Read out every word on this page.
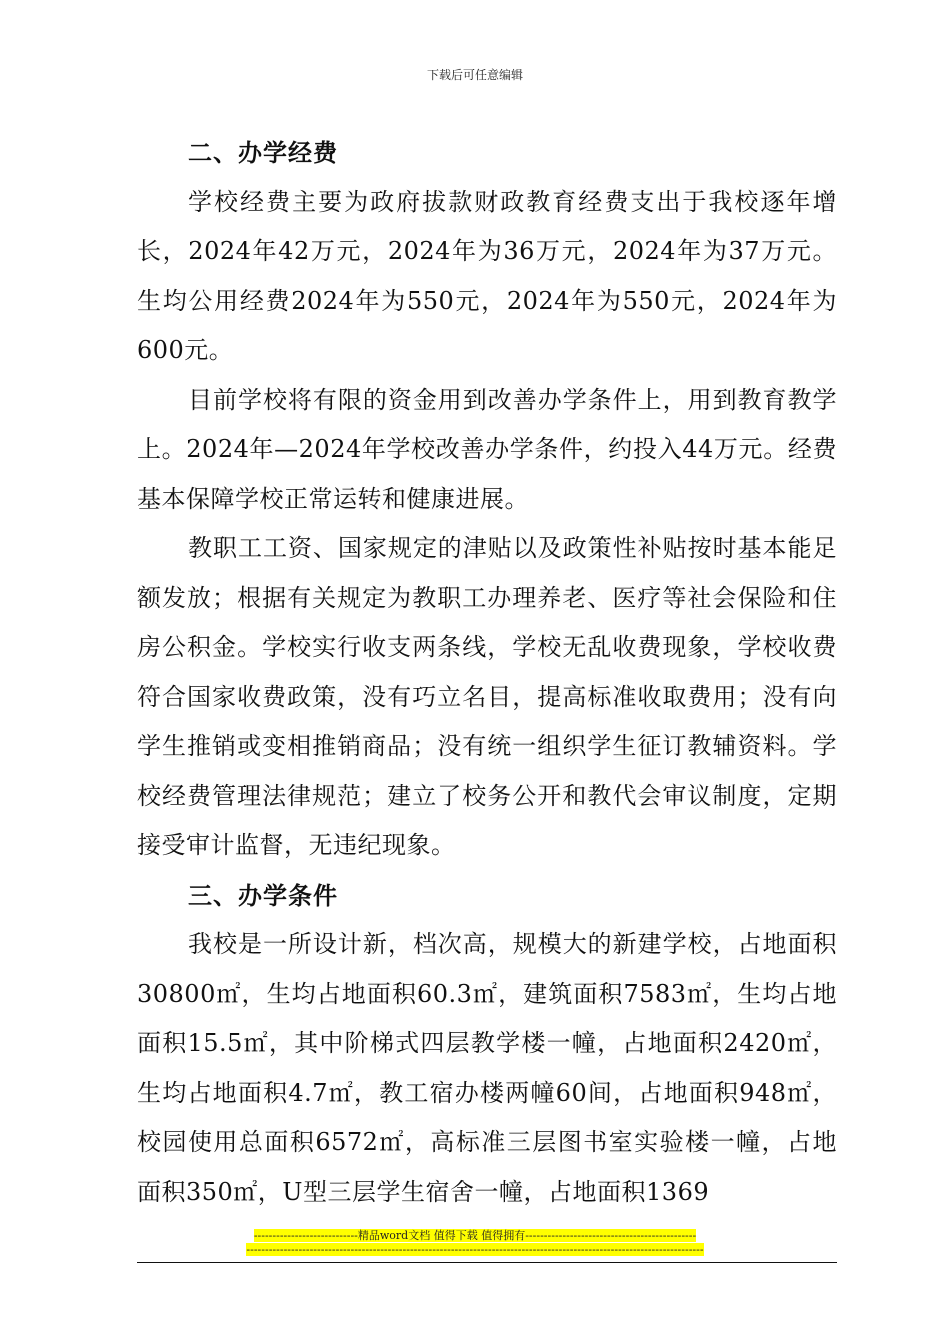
下载后可任意编辑

二、办学经费

学校经费主要为政府拔款财政教育经费支出于我校逐年增长，2024年42万元，2024年为36万元，2024年为37万元。生均公用经费2024年为550元，2024年为550元，2024年为600元。

目前学校将有限的资金用到改善办学条件上，用到教育教学上。2024年—2024年学校改善办学条件，约投入44万元。经费基本保障学校正常运转和健康进展。

教职工工资、国家规定的津贴以及政策性补贴按时基本能足额发放；根据有关规定为教职工办理养老、医疗等社会保险和住房公积金。学校实行收支两条线，学校无乱收费现象，学校收费符合国家收费政策，没有巧立名目，提高标准收取费用；没有向学生推销或变相推销商品；没有统一组织学生征订教辅资料。学校经费管理法律规范；建立了校务公开和教代会审议制度，定期接受审计监督，无违纪现象。

三、办学条件

我校是一所设计新，档次高，规模大的新建学校，占地面积30800㎡，生均占地面积60.3㎡，建筑面积7583㎡，生均占地面积15.5㎡，其中阶梯式四层教学楼一幢，占地面积2420㎡，生均占地面积4.7㎡，教工宿办楼两幢60间，占地面积948㎡，校园使用总面积6572㎡，高标准三层图书室实验楼一幢，占地面积350㎡，U型三层学生宿舍一幢，占地面积1369

----------------------------精品word文档 值得下载 值得拥有----------------------------------------------
---------------------------------------------------------------------------------------------------------------------------
